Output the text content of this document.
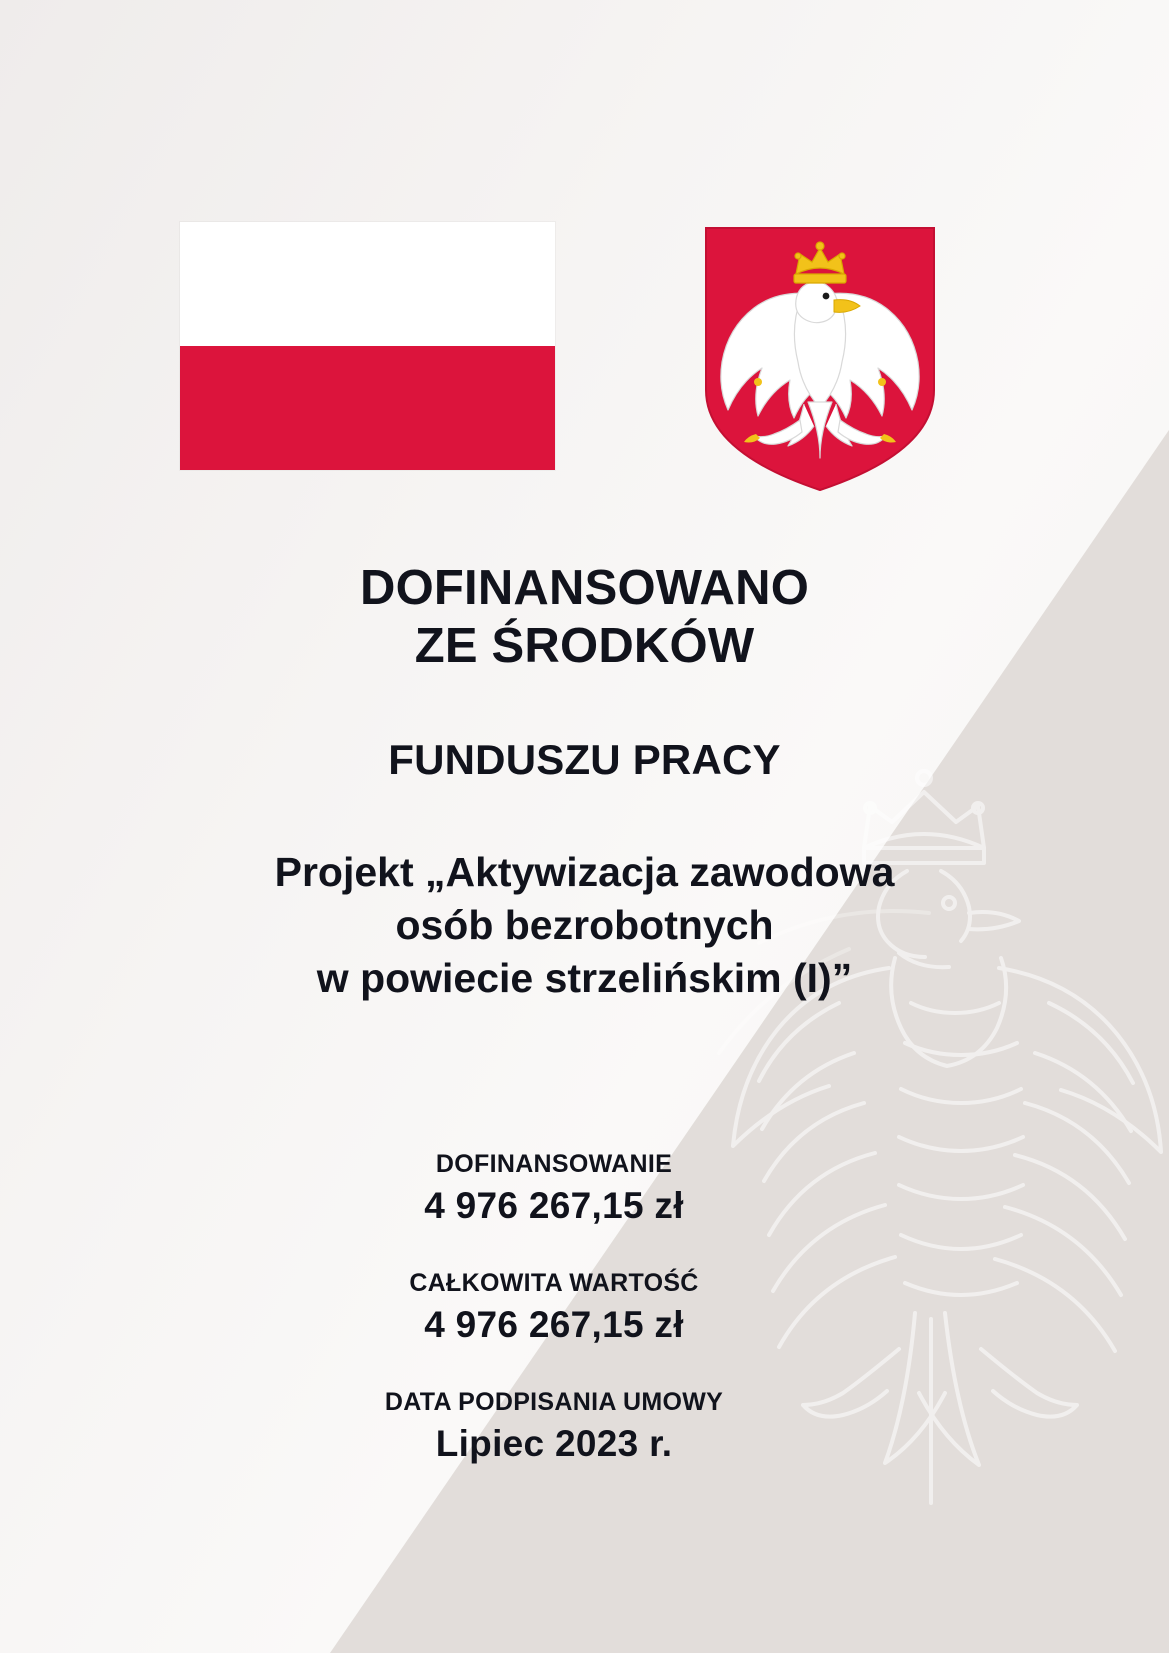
DOFINANSOWANO
ZE ŚRODKÓW
FUNDUSZU PRACY
Projekt „Aktywizacja zawodowa
osób bezrobotnych
w powiecie strzelińskim (I)”
DOFINANSOWANIE
4 976 267,15 zł
CAŁKOWITA WARTOŚĆ
4 976 267,15 zł
DATA PODPISANIA UMOWY
Lipiec 2023 r.
